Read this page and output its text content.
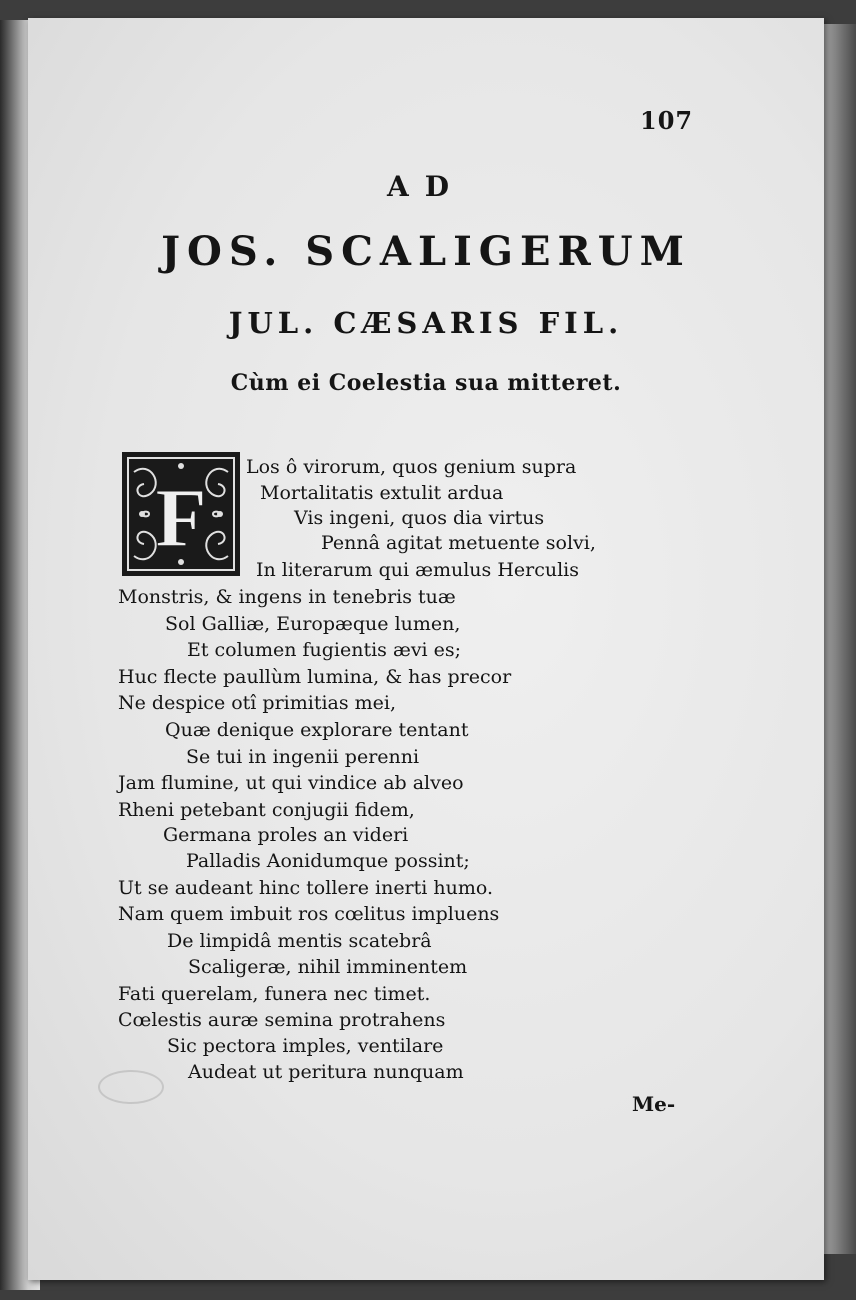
107
AD
JOS. SCALIGERUM
JUL. CÆSARIS FIL.
Cùm ei Coelestia sua mitteret.
F
Los ô virorum, quos genium supra
Mortalitatis extulit ardua
Vis ingeni, quos dia virtus
Pennâ agitat metuente solvi,
In literarum qui æmulus Herculis
Monstris, & ingens in tenebris tuæ
Sol Galliæ, Europæque lumen,
Et columen fugientis ævi es;
Huc flecte paullùm lumina, & has precor
Ne despice otî primitias mei,
Quæ denique explorare tentant
Se tui in ingenii perenni
Jam flumine, ut qui vindice ab alveo
Rheni petebant conjugii fidem,
Germana proles an videri
Palladis Aonidumque possint;
Ut se audeant hinc tollere inerti humo.
Nam quem imbuit ros cœlitus impluens
De limpidâ mentis scatebrâ
Scaligeræ, nihil imminentem
Fati querelam, funera nec timet.
Cœlestis auræ semina protrahens
Sic pectora imples, ventilare
Audeat ut peritura nunquam
Me-
